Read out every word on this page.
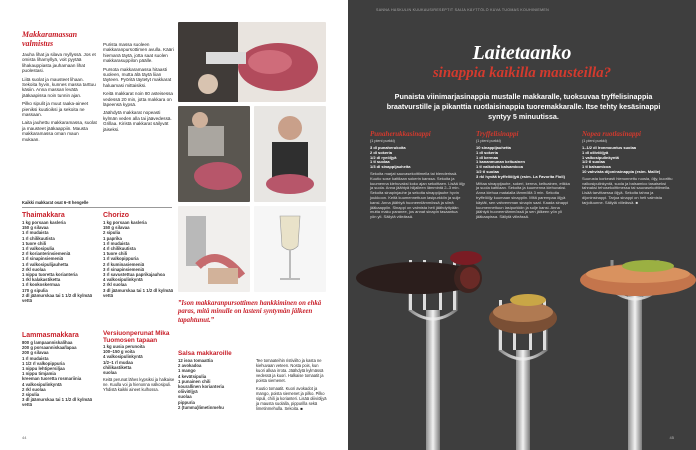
Makkaramassan valmistus

Jauha lihat ja silava myllyssä. Jos et omista lihamyllyä, voit pyytää lihakauppiasta jauhamaan lihat puolestasi.

Liitä suolat ja mausteet lihaan. Sekoita hyvin, kunnes massa tarttuu käsiin. Anna massan levätä jääkaapissa noin tunnin ajan.

Pilko sipulit ja muut raaka-aineet pieniksi kuutioiksi ja sekoita ne massaan.

Laita jauhettu makkaramassa, suolat ja mausteet jääkaappiin. Mausta makkaramassa oman maun mukaan.

Purista massa suoleen makkaranpursottimen avulla. Kääri hiemanä täytä, jotta saat suolen makkarasuppilon päälle.

Pursota makkaramassa hitaasti suoleen, mutta älä täytä liian täyteen. Pyöritä täytetyt makkarat haluamasi mittaisiksi.

Keitä makkarat noin 80 asteisessa vedessä 20 min, jotta makkara on läpeensä kypsä.

Jäähdytä makkarat nopeasti kylmän veden alla tai jäävedessä. Grillaa. Kiristä makkarat säilyvät jäiseksi.

”Ison makkaranpursottimen hankkiminen on ehkä paras, mitä minulle on lasteni syntymän jälkeen tapahtunut.”
Kaikki makkarat osat 6–8 hengelle
Thaimakkara
1 kg porsaan kasleria
150 g silavaa
1 rl mudaista
1 rl chilikuutista
1 tuore chili
1 rl valkosipulia
2 rl korianterinsiemeniä
1 rl sinapinsiemeniä
1 rl valkosipulijauhetta
2 rkl suolaa
1 nippu tuoretta korianteria
1 rkl kalakastiketta
1 rl kookoskermaa
170 g sipulia
2 dl jäämurskaa tai 1 1/2 dl kylmää vettä
Lammasmakkara
800 g lampaanniskalihaa
200 g porsaanniskaa/lapaa
200 g silavaa
1 rl mudaista
1 1/2 rl valkopippuria
1 nippu lehtipersiljaa
1 nippu timjamia
kreeman tuoretta rosmariinia
4 valkosipulinkyntä
2 rkl suolaa
2 sipulia
3 dl jäämurskaa tai 1 1/2 dl kylmää vettä
Chorizo
1 kg porsaan kasleria
150 g silavaa
2 sipulia
1 paprika
1 rl mudaista
4 rl chilikuutista
1 tuore chili
1 rl valkopippuria
2 rl kuminasiemeniä
3 rl sinapinsiemeniä
3 rl savustettua paprikajauhoa
4 valkosipulinkyntä
2 rkl suolaa
3 dl jäämurskaa tai 1 1/2 dl kylmää vettä
Versiuonperunat Mika Tuomosen tapaan
1 kg uusia perunoita
100–150 g voita
4 valkosipulinkyntä
1/2–1 rl mudaa
chilikastiketta
suolaa
Keitä perunat lähes kypsiksi ja halkaise ne. Kuulla voi ja hienonna valkosipuli. Yhdistä kaikki aineet kulhossa.
Salsa makkaroille
12 isoa tomaattia
2 avokadoa
1 mango
4 kevätsipulia
1 punainen chili
kourallinen korianteria
oliiviöljyä
suolaa
pippuria
2 (tumma)limetinmehu

Tee tomaateihin ristiviilto ja kasta ne kiehuvaan veteen. Nosta pois, kun kuori alkaa irrota. Jäähdytä kylmässä vedessä ja kuori. Halkaise tomaatit ja poista siemenet.

Kuutio tomaatit. Kuori avokadot ja mango, poista siemenet ja pilko. Pilko sipuli, chili ja korianteri. Lisää oliiviöljyä ja mausta suolalla, pippurilla sekä limetinmehulla. Sekoita. ■

44
SANNA HASKULIN KUUKAUSIRESEPTIT SAIJA KÄYTTÖLÖ KUVA TUOMAS KOUHINIEMEN
Laitetaanko
sinappia kaikilla mausteilla?
Punaista viinimarjasinappia mustalle makkaralle, tuoksuvaa tryffelisinappia braatvurstille ja pikanttia ruotlaisinappia tuoremakkaralle. Itse tehty kesäsinappi syntyy 5 minuutissa.
Punaherukkasinappi
(1 pieni purkki)
3 dl punaherukoita
2 dl sokeria
1/2 dl ryeöljyä
1 tl suolaa
1/3 dl sinappijauheita
Sekoita marjat sauvasekoittimella tai blenderissä. Kuutio sose kattilaan sokerin kanssa. Sekoita ja kuumenna kiehuvaksi koko ajan sekoittaen. Lisää öljy ja suola. Anna jäähtyä hiljalleen lämmintä 2–3 min. Sekoita sinapinjauhe ja sekoita sinappijauhe hyvin joukkoon. Keitä kuumennettuun lasipurkkiin ja sulje kansi. Anna jäähtyä huoneenlämmössä ja siirrä jääkaappiin. Sinappi on valmista heti jäähdyttyään mutta maku paranee, jos annat sinapin tasaantua yön yli. Säilytä viileässä.
Tryffelisinappi
(1 pieni purkki)
10 sinappijauhetta
1 dl sokeria
1 dl kermaa
1 kananmunan keltuainen
1 tl valkoista balsamicoa
1/2 tl suolaa
3 rkl hyvää tryffeliöljyä (esim. La Favorita Fioli)
Mittaa sinappijauhe, sokeri, kerma, keltuainen, etikka ja suola kattilaan. Sekoita ja kuumenna kiehuvaksi. Anna kiehua matalalla lämmöllä 3 min. Sekoita tryffeliöljy kuumaan sinappiin. Mitä parempaa öljyä käytät, sen vahvemman sinapin saat. Kaada sinappi kuumennettuun lasipurkkiin ja sulje kansi. Anna jäähtyä huoneenlämmössä ja sen jälkeen yön yli jääkaapissa. Säilytä viileässä.
Nopea ruotlasinappi
(1 pieni purkki)
1–1/2 dl Ironmountus suolaa
1 dl oliiviöljyä
1 valkosipulinkyntä
1/2 tl suolaa
1 tl balsamicoa
10 vahvista dijoninsinappia (esim. Maille)
Suurusta korkeasti hienonnettu ruosla, öljy, kuorittu valkosipulinkyntä, suola ja balsamico tasaiseksi tahnaksi tehosekoittimessa tai sauvasekoittimella. Lisää tarvittaessa öljyä. Sekoita tahna ja dijoninsinappi. Tarjoa sinappi on heti valmista tarjoiluunne. Säilytä viileässä. ■
45
